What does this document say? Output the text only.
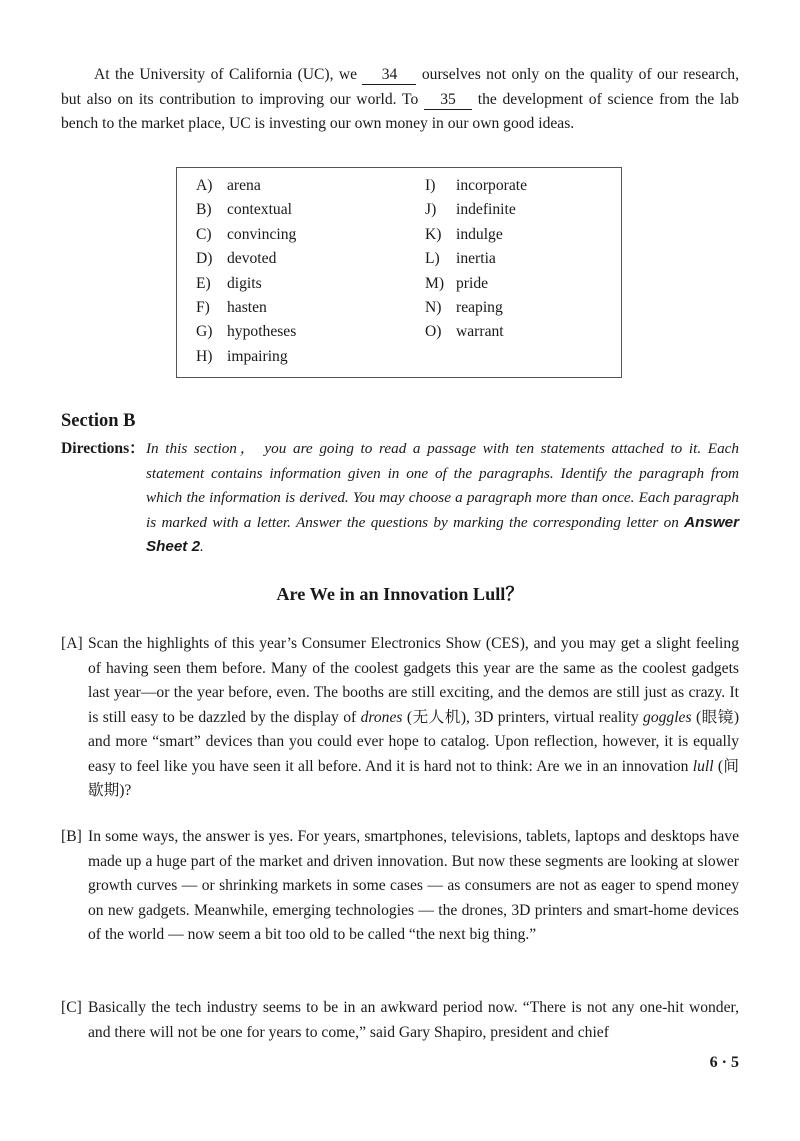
At the University of California (UC), we 34 ourselves not only on the quality of our research, but also on its contribution to improving our world. To 35 the development of science from the lab bench to the market place, UC is investing our own money in our own good ideas.

A) arena
B) contextual
C) convincing
D) devoted
E) digits
F) hasten
G) hypotheses
H) impairing
I) incorporate
J) indefinite
K) indulge
L) inertia
M) pride
N) reaping
O) warrant
Section B
Directions： In this section， you are going to read a passage with ten statements attached to it. Each statement contains information given in one of the paragraphs. Identify the paragraph from which the information is derived. You may choose a paragraph more than once. Each paragraph is marked with a letter. Answer the questions by marking the corresponding letter on Answer Sheet 2.

Are We in an Innovation Lull？
[A] Scan the highlights of this year’s Consumer Electronics Show (CES), and you may get a slight feeling of having seen them before. Many of the coolest gadgets this year are the same as the coolest gadgets last year—or the year before, even. The booths are still exciting, and the demos are still just as crazy. It is still easy to be dazzled by the display of drones (无人机), 3D printers, virtual reality goggles (眼镜) and more “smart” devices than you could ever hope to catalog. Upon reflection, however, it is equally easy to feel like you have seen it all before. And it is hard not to think: Are we in an innovation lull (间歇期)?
[B] In some ways, the answer is yes. For years, smartphones, televisions, tablets, laptops and desktops have made up a huge part of the market and driven innovation. But now these segments are looking at slower growth curves — or shrinking markets in some cases — as consumers are not as eager to spend money on new gadgets. Meanwhile, emerging technologies — the drones, 3D printers and smart-home devices of the world — now seem a bit too old to be called “the next big thing.”
[C] Basically the tech industry seems to be in an awkward period now. “There is not any one-hit wonder, and there will not be one for years to come,” said Gary Shapiro, president and chief
6 · 5
